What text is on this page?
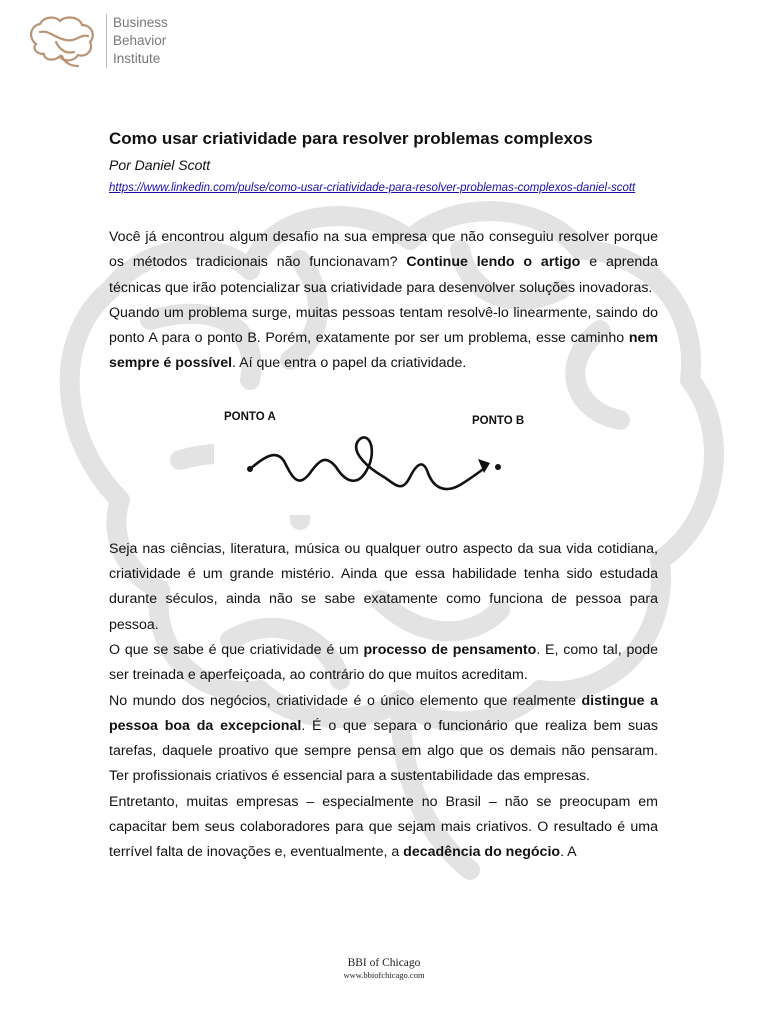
Business
Behavior
Institute
Como usar criatividade para resolver problemas complexos
Por Daniel Scott
https://www.linkedin.com/pulse/como-usar-criatividade-para-resolver-problemas-complexos-daniel-scott

Você já encontrou algum desafio na sua empresa que não conseguiu resolver porque os métodos tradicionais não funcionavam? Continue lendo o artigo e aprenda técnicas que irão potencializar sua criatividade para desenvolver soluções inovadoras.

Quando um problema surge, muitas pessoas tentam resolvê-lo linearmente, saindo do ponto A para o ponto B. Porém, exatamente por ser um problema, esse caminho nem sempre é possível. Aí que entra o papel da criatividade.

PONTO A	PONTO B

Seja nas ciências, literatura, música ou qualquer outro aspecto da sua vida cotidiana, criatividade é um grande mistério. Ainda que essa habilidade tenha sido estudada durante séculos, ainda não se sabe exatamente como funciona de pessoa para pessoa.

O que se sabe é que criatividade é um processo de pensamento. E, como tal, pode ser treinada e aperfeiçoada, ao contrário do que muitos acreditam.

No mundo dos negócios, criatividade é o único elemento que realmente distingue a pessoa boa da excepcional. É o que separa o funcionário que realiza bem suas tarefas, daquele proativo que sempre pensa em algo que os demais não pensaram. Ter profissionais criativos é essencial para a sustentabilidade das empresas.

Entretanto, muitas empresas – especialmente no Brasil – não se preocupam em capacitar bem seus colaboradores para que sejam mais criativos. O resultado é uma terrível falta de inovações e, eventualmente, a decadência do negócio. A

BBI of Chicago
www.bbiofchicago.com
